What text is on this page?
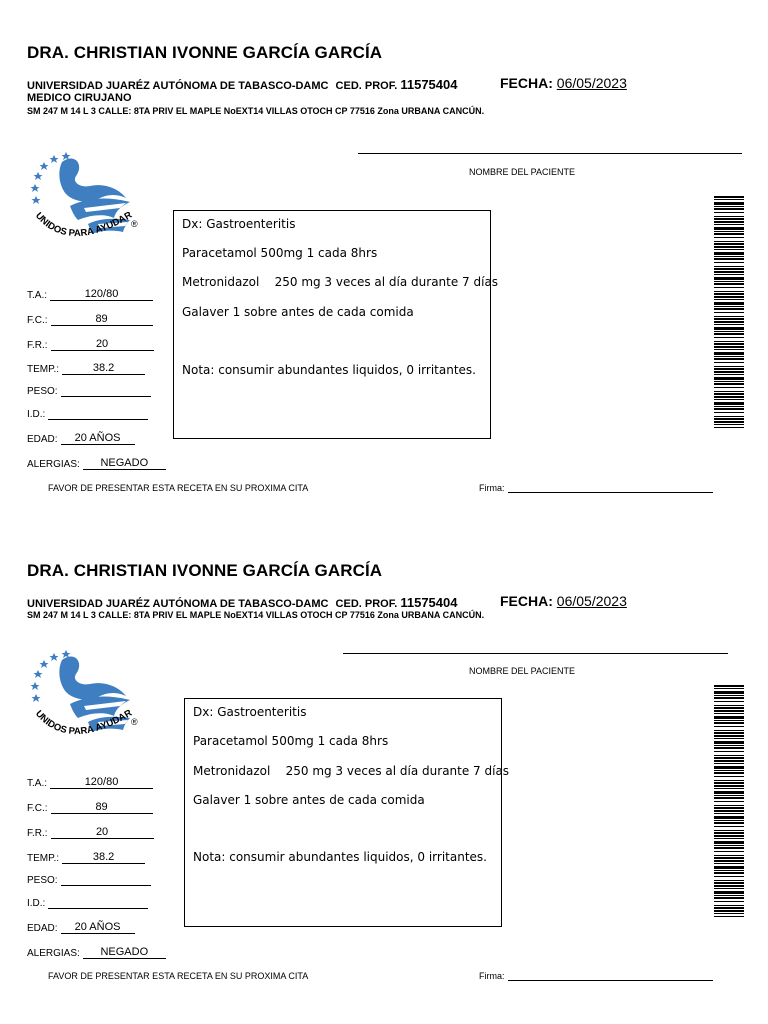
DRA. CHRISTIAN IVONNE GARCÍA GARCÍA
UNIVERSIDAD JUARÉZ AUTÓNOMA DE TABASCO-DAMC CED. PROF. 11575404	FECHA: 06/05/2023
MEDICO CIRUJANO
SM 247 M 14 L 3 CALLE: 8TA PRIV EL MAPLE NoEXT14 VILLAS OTOCH CP 77516 Zona URBANA CANCÚN.
NOMBRE DEL PACIENTE
UNIDOS PARA AYUDAR
®
T.A.:	120/80
F.C.:	89
F.R.:	20
TEMP.:	38.2
PESO:
I.D.:
EDAD:	20 AÑOS
ALERGIAS:	NEGADO
Dx: Gastroenteritis
Paracetamol 500mg 1 cada 8hrs
Metronidazol    250 mg 3 veces al día durante 7 días
Galaver 1 sobre antes de cada comida
Nota: consumir abundantes liquidos, 0 irritantes.
FAVOR DE PRESENTAR ESTA RECETA EN SU PROXIMA CITA	Firma:
DRA. CHRISTIAN IVONNE GARCÍA GARCÍA
UNIVERSIDAD JUARÉZ AUTÓNOMA DE TABASCO-DAMC CED. PROF. 11575404	FECHA: 06/05/2023
SM 247 M 14 L 3 CALLE: 8TA PRIV EL MAPLE NoEXT14 VILLAS OTOCH CP 77516 Zona URBANA CANCÚN.
NOMBRE DEL PACIENTE
UNIDOS PARA AYUDAR
®
T.A.:	120/80
F.C.:	89
F.R.:	20
TEMP.:	38.2
PESO:
I.D.:
EDAD:	20 AÑOS
ALERGIAS:	NEGADO
Dx: Gastroenteritis
Paracetamol 500mg 1 cada 8hrs
Metronidazol    250 mg 3 veces al día durante 7 días
Galaver 1 sobre antes de cada comida
Nota: consumir abundantes liquidos, 0 irritantes.
FAVOR DE PRESENTAR ESTA RECETA EN SU PROXIMA CITA	Firma:
